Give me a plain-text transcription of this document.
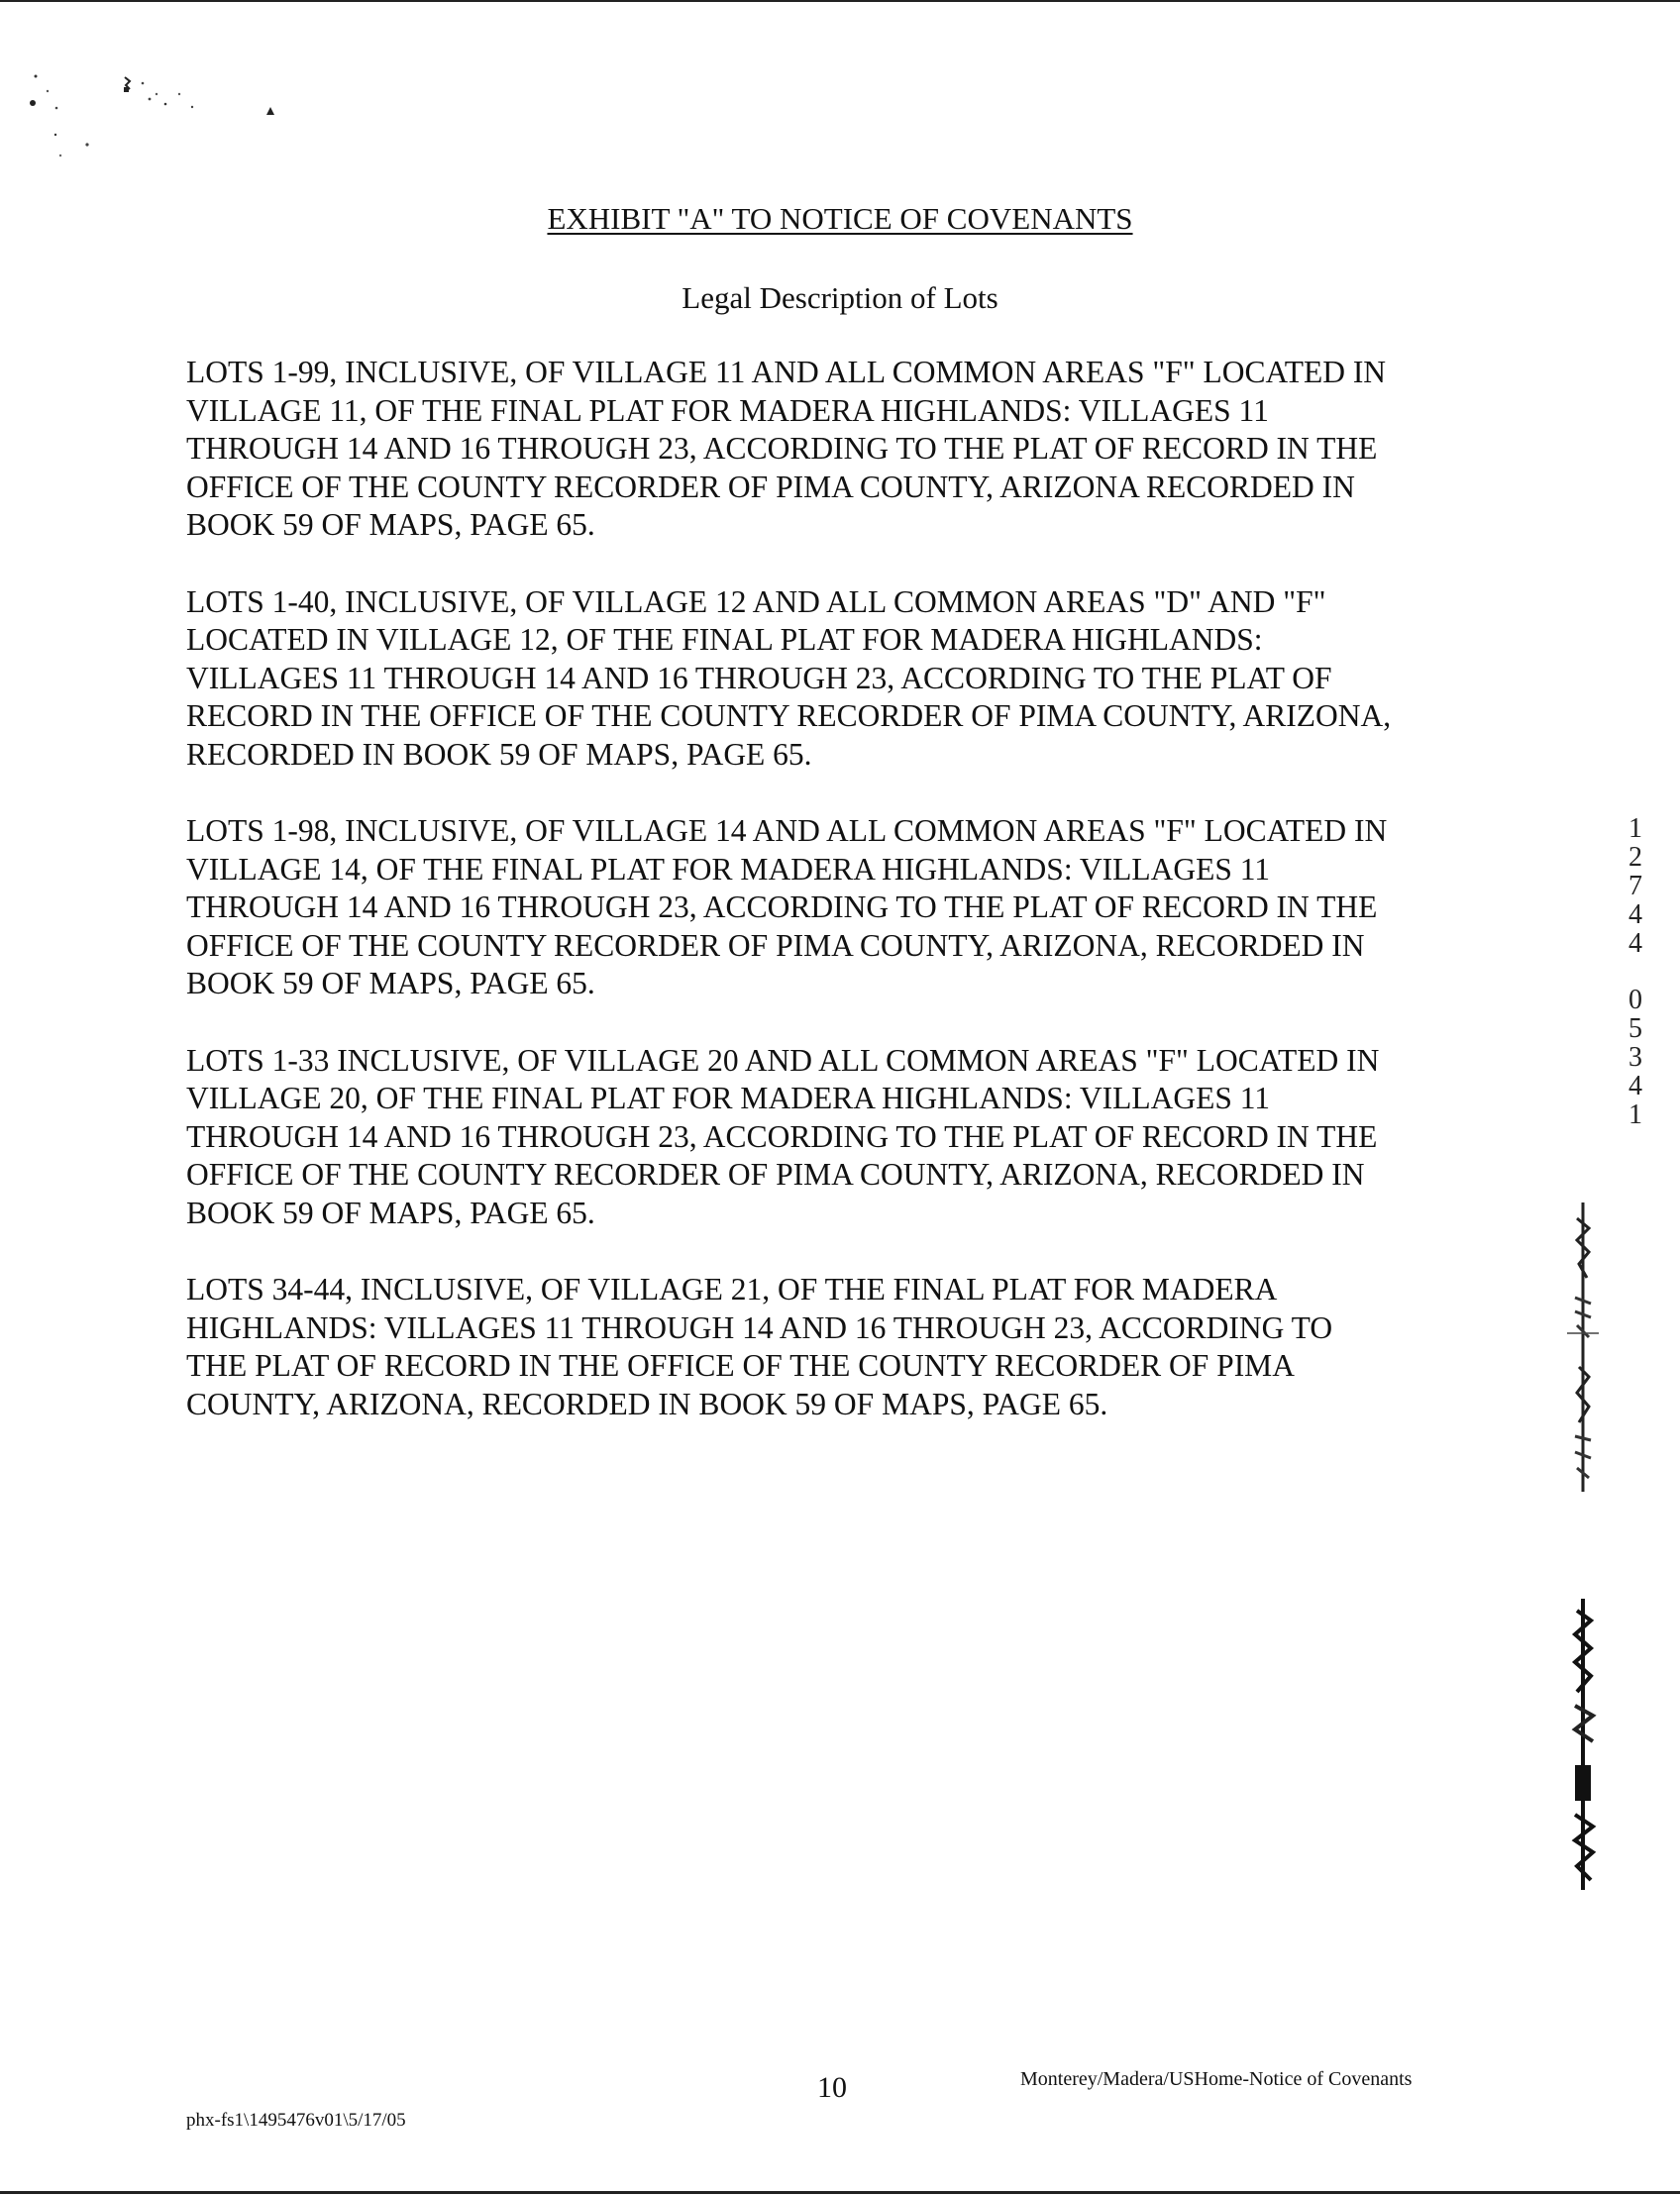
EXHIBIT "A" TO NOTICE OF COVENANTS
Legal Description of Lots

LOTS 1-99, INCLUSIVE, OF VILLAGE 11 AND ALL COMMON AREAS "F" LOCATED IN
VILLAGE 11, OF THE FINAL PLAT FOR MADERA HIGHLANDS: VILLAGES 11
THROUGH 14 AND 16 THROUGH 23, ACCORDING TO THE PLAT OF RECORD IN THE
OFFICE OF THE COUNTY RECORDER OF PIMA COUNTY, ARIZONA RECORDED IN
BOOK 59 OF MAPS, PAGE 65.

LOTS 1-40, INCLUSIVE, OF VILLAGE 12 AND ALL COMMON AREAS "D" AND "F"
LOCATED IN VILLAGE 12, OF THE FINAL PLAT FOR MADERA HIGHLANDS:
VILLAGES 11 THROUGH 14 AND 16 THROUGH 23, ACCORDING TO THE PLAT OF
RECORD IN THE OFFICE OF THE COUNTY RECORDER OF PIMA COUNTY, ARIZONA,
RECORDED IN BOOK 59 OF MAPS, PAGE 65.

LOTS 1-98, INCLUSIVE, OF VILLAGE 14 AND ALL COMMON AREAS "F" LOCATED IN
VILLAGE 14, OF THE FINAL PLAT FOR MADERA HIGHLANDS: VILLAGES 11
THROUGH 14 AND 16 THROUGH 23, ACCORDING TO THE PLAT OF RECORD IN THE
OFFICE OF THE COUNTY RECORDER OF PIMA COUNTY, ARIZONA, RECORDED IN
BOOK 59 OF MAPS, PAGE 65.

LOTS 1-33 INCLUSIVE, OF VILLAGE 20 AND ALL COMMON AREAS "F" LOCATED IN
VILLAGE 20, OF THE FINAL PLAT FOR MADERA HIGHLANDS: VILLAGES 11
THROUGH 14 AND 16 THROUGH 23, ACCORDING TO THE PLAT OF RECORD IN THE
OFFICE OF THE COUNTY RECORDER OF PIMA COUNTY, ARIZONA, RECORDED IN
BOOK 59 OF MAPS, PAGE 65.

LOTS 34-44, INCLUSIVE, OF VILLAGE 21, OF THE FINAL PLAT FOR MADERA
HIGHLANDS: VILLAGES 11 THROUGH 14 AND 16 THROUGH 23, ACCORDING TO
THE PLAT OF RECORD IN THE OFFICE OF THE COUNTY RECORDER OF PIMA
COUNTY, ARIZONA, RECORDED IN BOOK 59 OF MAPS, PAGE 65.

1
2
7
4
4
0
5
3
4
1
10	Monterey/Madera/USHome-Notice of Covenants
phx-fs1\1495476v01\5/17/05
